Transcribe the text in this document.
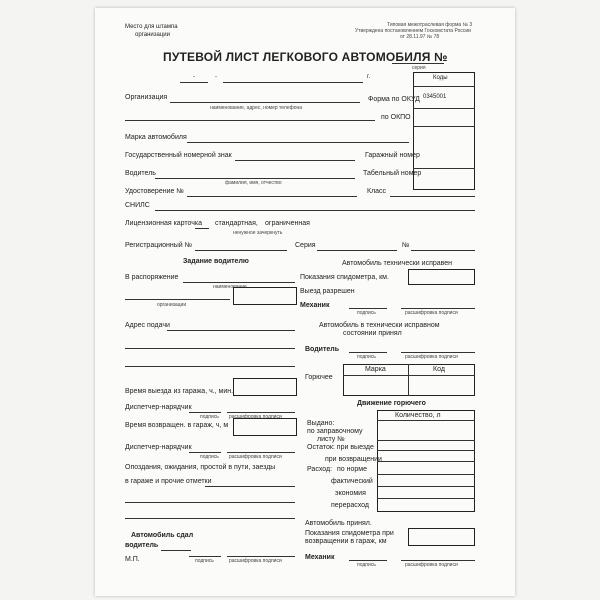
Место для штампа
организации
Типовая межотраслевая форма № 3
Утверждена постановлением Госкомстата России
от 28.11.97 № 78
ПУТЕВОЙ ЛИСТ ЛЕГКОВОГО АВТОМОБИЛЯ №
серия
-	-	г.	Коды
0345001
Организация
наименование, адрес, номер телефона
Форма по ОКУД
по ОКПО
Марка автомобиля
Государственный номерной знак	Гаражный номер
Водитель
фамилия, имя, отчество
Табельный номер
Удостоверение №	Класс
СНИЛС
Лицензионная карточка стандартная, ограниченная
ненужное зачеркнуть
Регистрационный №	Серия	№
Задание водителю
В распоряжение
наименование
организации
Адрес подачи
Время выезда из гаража, ч., мин.
Диспетчер-нарядчик
подпись расшифровка подписи
Время возвращен. в гараж, ч, м
Диспетчер-нарядчик
подпись расшифровка подписи
Опоздания, ожидания, простой в пути, заезды
в гараже и прочие отметки
Автомобиль сдал
водитель
М.П.	подпись	расшифровка подписи
Автомобиль технически исправен
Показания спидометра, км.
Выезд разрешен
Механик
подпись	расшифровка подписи
Автомобиль в технически исправном
состоянии принял
Водитель
подпись	расшифровка подписи
Горючее
Марка	Код
Движение горючего
Количество, л
Выдано:
по заправочному
листу №
Остаток: при выезде
при возвращении
Расход: по норме
фактический
экономия
перерасход
Автомобиль принял.
Показания спидометра при
возвращении в гараж, км
Механик
подпись	расшифровка подписи
